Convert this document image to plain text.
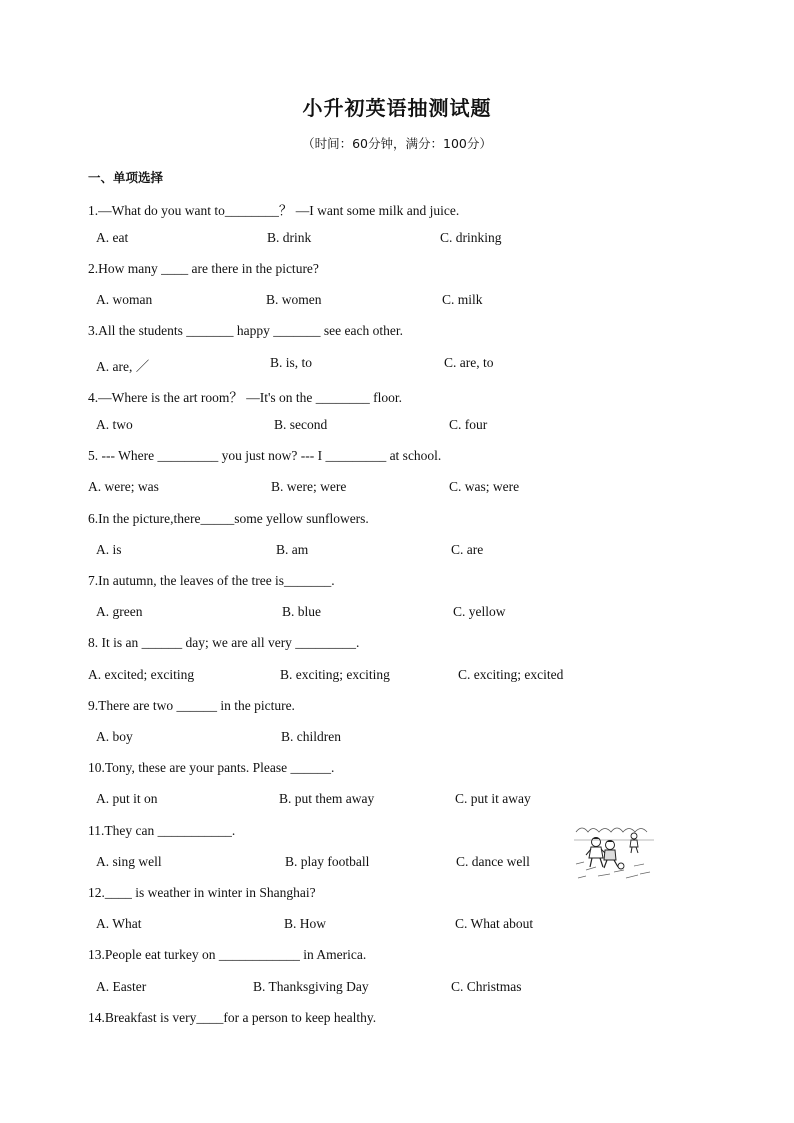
小升初英语抽测试题
（时间：60分钟，满分：100分）
一、单项选择
1.—What do you want to________？ —I want some milk and juice.
A. eat	B. drink	C. drinking
2.How many ____ are there in the picture?
A. woman	B. women	C. milk
3.All the students _______ happy _______ see each other.
A. are, ／	B. is, to	C. are, to
4.—Where is the art room？ —It's on the ________ floor.
A. two	B. second	C. four
5. --- Where _________ you just now? --- I _________ at school.
A. were; was	B. were; were	C. was; were
6.In the picture,there_____some yellow sunflowers.
A. is	B. am	C. are
7.In autumn, the leaves of the tree is_______.
A. green	B. blue	C. yellow
8. It is an ______ day; we are all very _________.
A. excited; exciting	B. exciting; exciting	C. exciting; excited
9.There are two ______ in the picture.
A. boy	B. children
10.Tony, these are your pants. Please ______.
A. put it on	B. put them away	C. put it away
11.They can ___________.
A. sing well	B. play football	C. dance well
12.____ is weather in winter in Shanghai?
A. What	B. How	C. What about
13.People eat turkey on ____________ in America.
A. Easter	B. Thanksgiving Day	C. Christmas
14.Breakfast is very____for a person to keep healthy.
